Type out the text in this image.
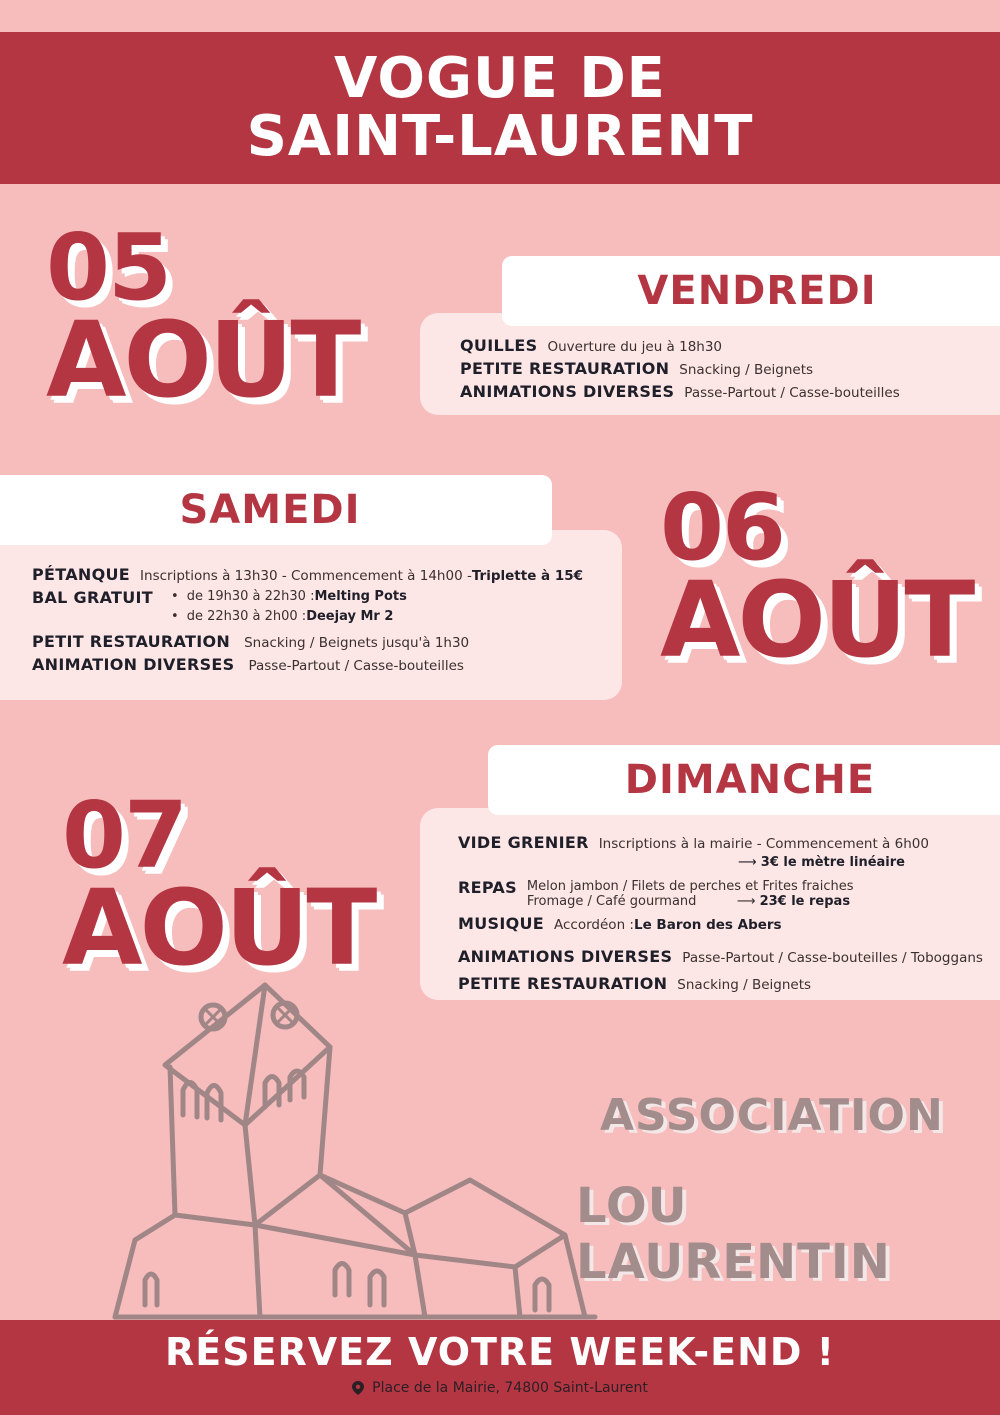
VOGUE DE
SAINT-LAURENT
05
AOÛT	QUILLES Ouverture du jeu à 18h30
PETITE RESTAURATION Snacking / Beignets
ANIMATIONS DIVERSES Passe-Partout / Casse-bouteilles
VENDREDI
PÉTANQUE Inscriptions à 13h30 - Commencement à 14h00 - Triplette à 15€
BAL GRATUIT • de 19h30 à 22h30 : Melting Pots
• de 22h30 à 2h00 : Deejay Mr 2
PETIT RESTAURATION Snacking / Beignets jusqu'à 1h30
ANIMATION DIVERSES Passe-Partout / Casse-bouteilles
SAMEDI	06
AOÛT
07
AOÛT
VIDE GRENIER Inscriptions à la mairie - Commencement à 6h00
⟶ 3€ le mètre linéaire
REPAS Melon jambon / Filets de perches et Frites fraiches
Fromage / Café gourmand	⟶ 23€ le repas
MUSIQUE Accordéon : Le Baron des Abers
ANIMATIONS DIVERSES Passe-Partout / Casse-bouteilles / Toboggans
PETITE RESTAURATION Snacking / Beignets
DIMANCHE
ASSOCIATION
LOU LAURENTIN
RÉSERVEZ VOTRE WEEK-END !
Place de la Mairie, 74800 Saint-Laurent
